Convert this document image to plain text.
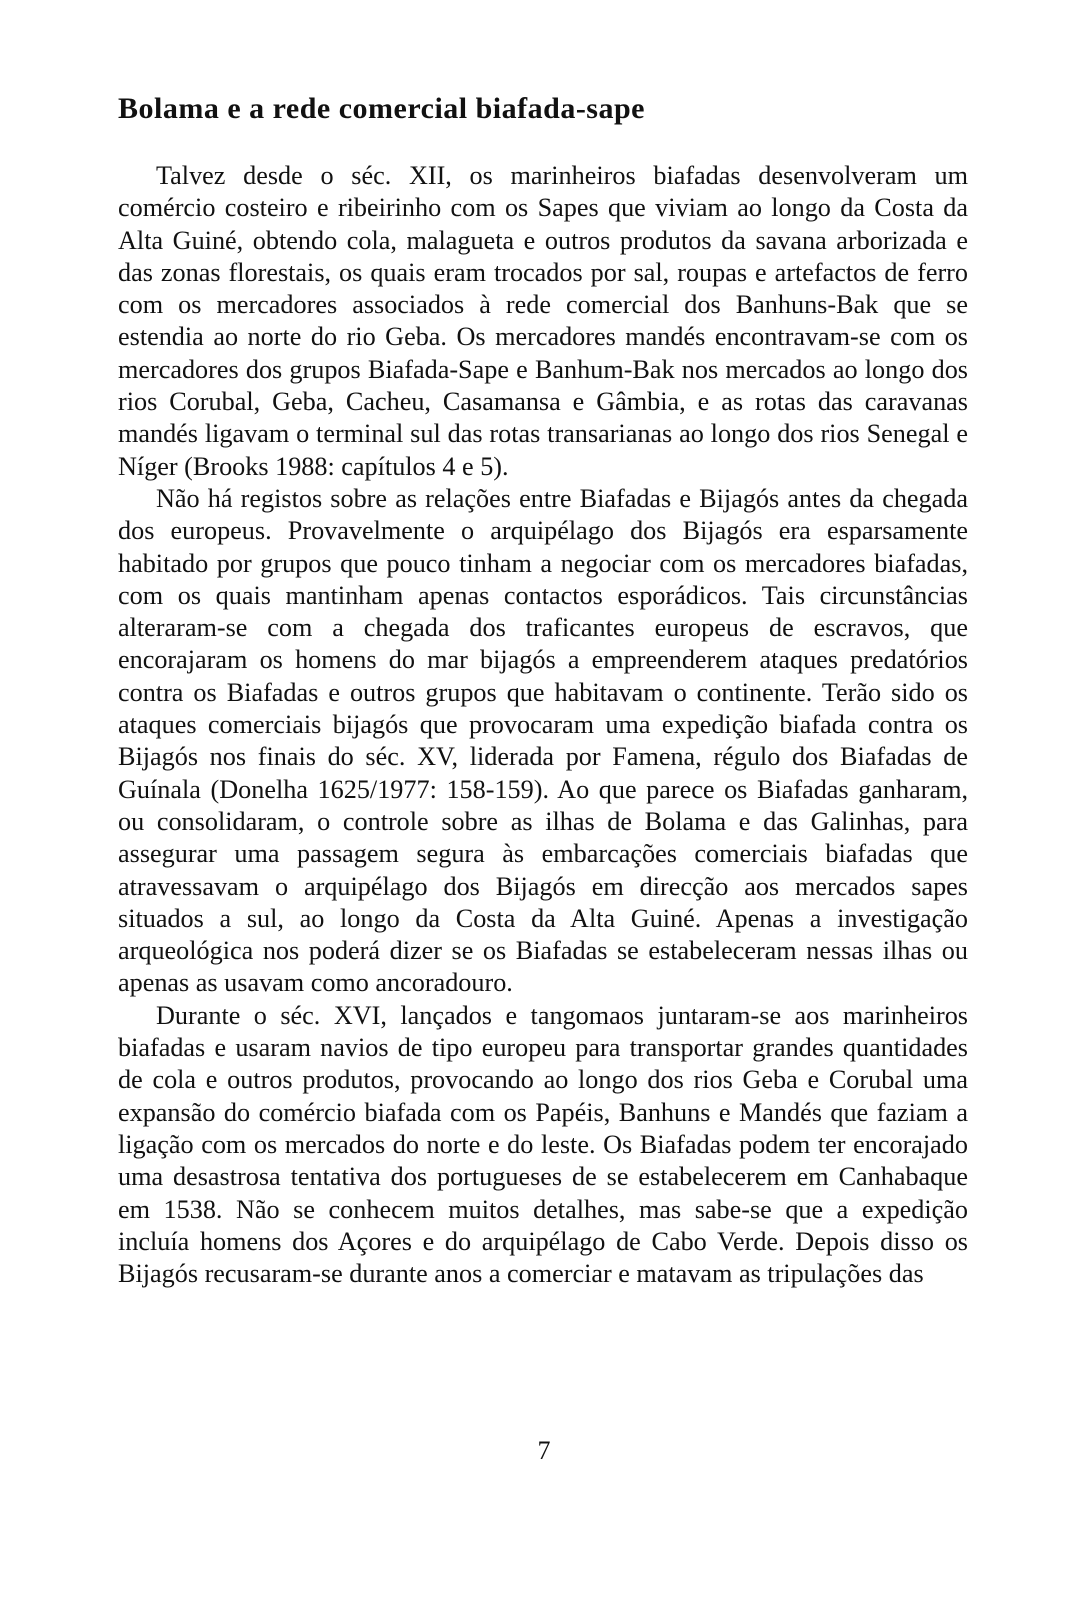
Bolama e a rede comercial biafada-sape

Talvez desde o séc. XII, os marinheiros biafadas desenvolveram um comércio costeiro e ribeirinho com os Sapes que viviam ao longo da Costa da Alta Guiné, obtendo cola, malagueta e outros produtos da savana arborizada e das zonas florestais, os quais eram trocados por sal, roupas e artefactos de ferro com os mercadores associados à rede comercial dos Banhuns-Bak que se estendia ao norte do rio Geba. Os mercadores mandés encontravam-se com os mercadores dos grupos Biafada-Sape e Banhum-Bak nos mercados ao longo dos rios Corubal, Geba, Cacheu, Casamansa e Gâmbia, e as rotas das caravanas mandés ligavam o terminal sul das rotas transarianas ao longo dos rios Senegal e Níger (Brooks 1988: capítulos 4 e 5).

Não há registos sobre as relações entre Biafadas e Bijagós antes da chegada dos europeus. Provavelmente o arquipélago dos Bijagós era esparsamente habitado por grupos que pouco tinham a negociar com os mercadores biafadas, com os quais mantinham apenas contactos esporádicos. Tais circunstâncias alteraram-se com a chegada dos traficantes europeus de escravos, que encorajaram os homens do mar bijagós a empreenderem ataques predatórios contra os Biafadas e outros grupos que habitavam o continente. Terão sido os ataques comerciais bijagós que provocaram uma expedição biafada contra os Bijagós nos finais do séc. XV, liderada por Famena, régulo dos Biafadas de Guínala (Donelha 1625/1977: 158-159). Ao que parece os Biafadas ganharam, ou consolidaram, o controle sobre as ilhas de Bolama e das Galinhas, para assegurar uma passagem segura às embarcações comerciais biafadas que atravessavam o arquipélago dos Bijagós em direcção aos mercados sapes situados a sul, ao longo da Costa da Alta Guiné. Apenas a investigação arqueológica nos poderá dizer se os Biafadas se estabeleceram nessas ilhas ou apenas as usavam como ancoradouro.

Durante o séc. XVI, lançados e tangomaos juntaram-se aos marinheiros biafadas e usaram navios de tipo europeu para transportar grandes quantidades de cola e outros produtos, provocando ao longo dos rios Geba e Corubal uma expansão do comércio biafada com os Papéis, Banhuns e Mandés que faziam a ligação com os mercados do norte e do leste. Os Biafadas podem ter encorajado uma desastrosa tentativa dos portugueses de se estabelecerem em Canhabaque em 1538. Não se conhecem muitos detalhes, mas sabe-se que a expedição incluía homens dos Açores e do arquipélago de Cabo Verde. Depois disso os Bijagós recusaram-se durante anos a comerciar e matavam as tripulações das

7
